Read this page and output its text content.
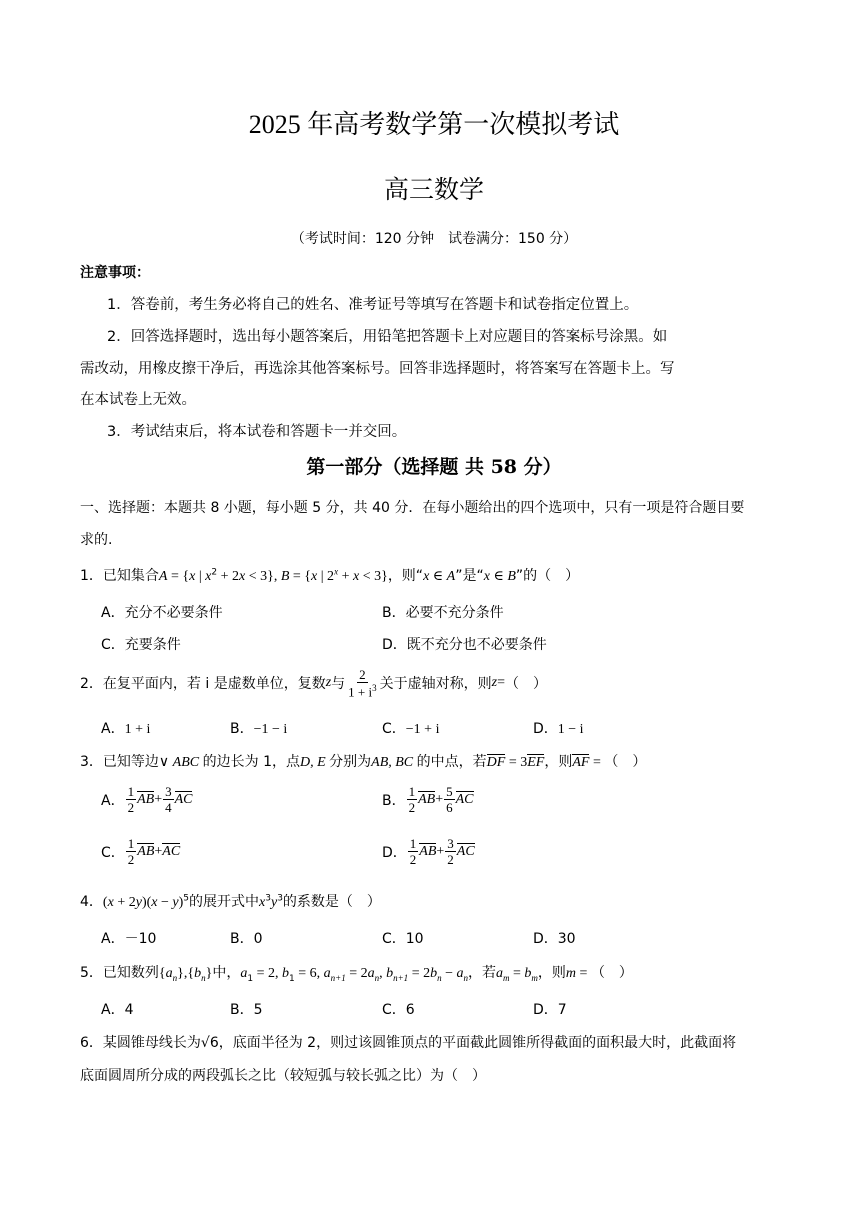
2025 年高考数学第一次模拟考试
高三数学
（考试时间：120 分钟　试卷满分：150 分）
注意事项：
1．答卷前，考生务必将自己的姓名、准考证号等填写在答题卡和试卷指定位置上。
2．回答选择题时，选出每小题答案后，用铅笔把答题卡上对应题目的答案标号涂黑。如
需改动，用橡皮擦干净后，再选涂其他答案标号。回答非选择题时，将答案写在答题卡上。写
在本试卷上无效。
3．考试结束后，将本试卷和答题卡一并交回。
第一部分（选择题 共 58 分）
一、选择题：本题共 8 小题，每小题 5 分，共 40 分．在每小题给出的四个选项中，只有一项是符合题目要
求的.
1．已知集合A = {x | $x^2 + 2x < 3$}, B = {x | $2^x + x < 3$}，则“x ∈ A”是“x ∈ B”的（　）
A．充分不必要条件	B．必要不充分条件
C．充要条件	D．既不充分也不必要条件
2． 在复平面内，若 i 是虚数单位，复数 z 与 $\frac{2}{1 + i^3}$ 关于虚轴对称，则 z = （　）
A．1 + i	B．−1 − i	C．−1 + i	D．1 − i
3．已知等边∨ ABC 的边长为 1，点D, E 分别为AB, BC 的中点，若DF = 3EF，则AF = （　）
A． $\frac{1}{2}$ AB + $\frac{3}{4}$ AC	B． $\frac{1}{2}$ AB + $\frac{5}{6}$ AC
C． $\frac{1}{2}$ AB + AC	D． $\frac{1}{2}$ AB + $\frac{3}{2}$ AC
4．$(x + 2y)(x - y)^5$的展开式中$x^3y^3$的系数是（　）
A．－10	B．0	C．10	D．30
5．已知数列$\{a_n\},\{b_n\}$中，$a_1 = 2$, $b_1 = 6$, $a_{n+1} = 2a_n$, $b_{n+1} = 2b_n - a_n$，若$a_m = b_m$，则m = （　）
A．4	B．5	C．6	D．7
6．某圆锥母线长为√6，底面半径为 2，则过该圆锥顶点的平面截此圆锥所得截面的面积最大时，此截面将
底面圆周所分成的两段弧长之比（较短弧与较长弧之比）为（　）
